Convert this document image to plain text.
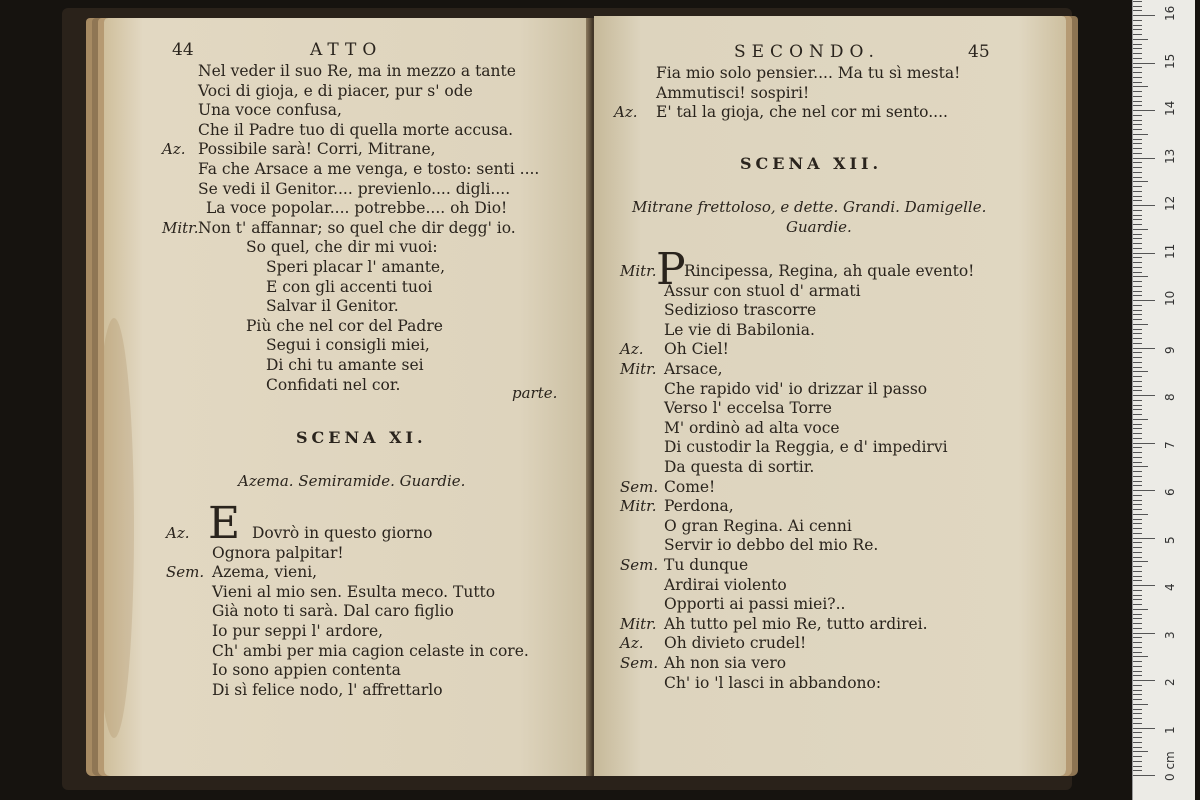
44	ATTO
Nel veder il suo Re, ma in mezzo a tante
Voci di gioja, e di piacer, pur s' ode
Una voce confusa,
Che il Padre tuo di quella morte accusa.
Az. Possibile sarà! Corri, Mitrane,
Fa che Arsace a me venga, e tosto: senti ....
Se vedi il Genitor.... previenlo.... digli....
La voce popolar.... potrebbe.... oh Dio!
Mitr. Non t' affannar; so quel che dir degg' io.
So quel, che dir mi vuoi:
Speri placar l' amante,
E con gli accenti tuoi
Salvar il Genitor.
Più che nel cor del Padre
Segui i consigli miei,
Di chi tu amante sei
Confidati nel cor.	parte.
SCENA XI.
Azema. Semiramide. Guardie.
E
Az.	Dovrò in questo giorno
Ognora palpitar!
Sem. Azema, vieni,
Vieni al mio sen. Esulta meco. Tutto
Già noto ti sarà. Dal caro figlio
Io pur seppi l' ardore,
Ch' ambi per mia cagion celaste in core.
Io sono appien contenta
Di sì felice nodo, l' affrettarlo
SECONDO.	45
Fia mio solo pensier.... Ma tu sì mesta!
Ammutisci! sospiri!
Az. E' tal la gioja, che nel cor mi sento....
SCENA XII.
Mitrane frettoloso, e dette. Grandi. Damigelle.
Guardie.
P
Mitr. Rincipessa, Regina, ah quale evento!
Assur con stuol d' armati
Sedizioso trascorre
Le vie di Babilonia.
Az. Oh Ciel!
Mitr. Arsace,
Che rapido vid' io drizzar il passo
Verso l' eccelsa Torre
M' ordinò ad alta voce
Di custodir la Reggia, e d' impedirvi
Da questa di sortir.
Sem. Come!
Mitr. Perdona,
O gran Regina. Ai cenni
Servir io debbo del mio Re.
Sem. Tu dunque
Ardirai violento
Opporti ai passi miei?..
Mitr. Ah tutto pel mio Re, tutto ardirei.
Az. Oh divieto crudel!
Sem. Ah non sia vero
Ch' io 'l lasci in abbandono:
0 cm
1
2
3
4
5
6
7
8
9
10
11
12
13
14
15
16
